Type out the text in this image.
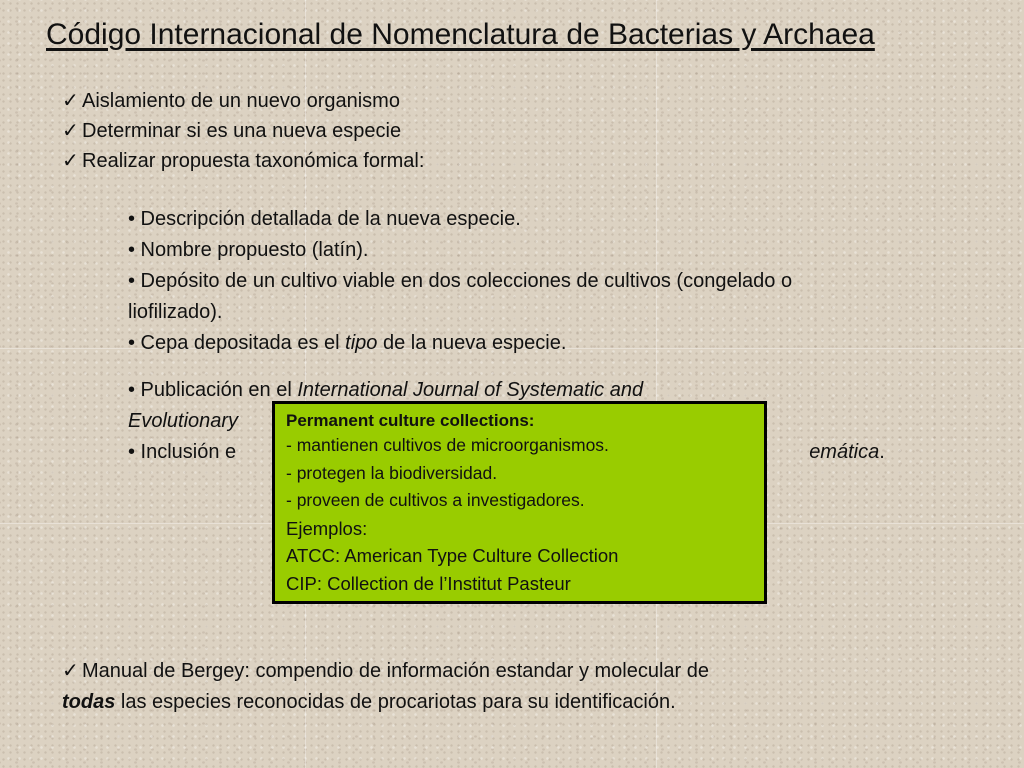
Código Internacional de Nomenclatura de Bacterias y Archaea
✓ Aislamiento de un nuevo organismo
✓ Determinar si es una nueva especie
✓ Realizar propuesta taxonómica formal:
• Descripción detallada de la nueva especie.
• Nombre propuesto (latín).
• Depósito de un cultivo viable en dos colecciones de cultivos (congelado o liofilizado).
• Cepa depositada es el tipo de la nueva especie.
• Publicación en el International Journal of Systematic and
Evolutionary
• Inclusión e	emática.
Permanent culture collections:
- mantienen cultivos de microorganismos.
- protegen la biodiversidad.
- proveen de cultivos a investigadores.
Ejemplos:
ATCC: American Type Culture Collection
CIP: Collection de l’Institut Pasteur
✓ Manual de Bergey: compendio de información estandar y molecular de
todas las especies reconocidas de procariotas para su identificación.
